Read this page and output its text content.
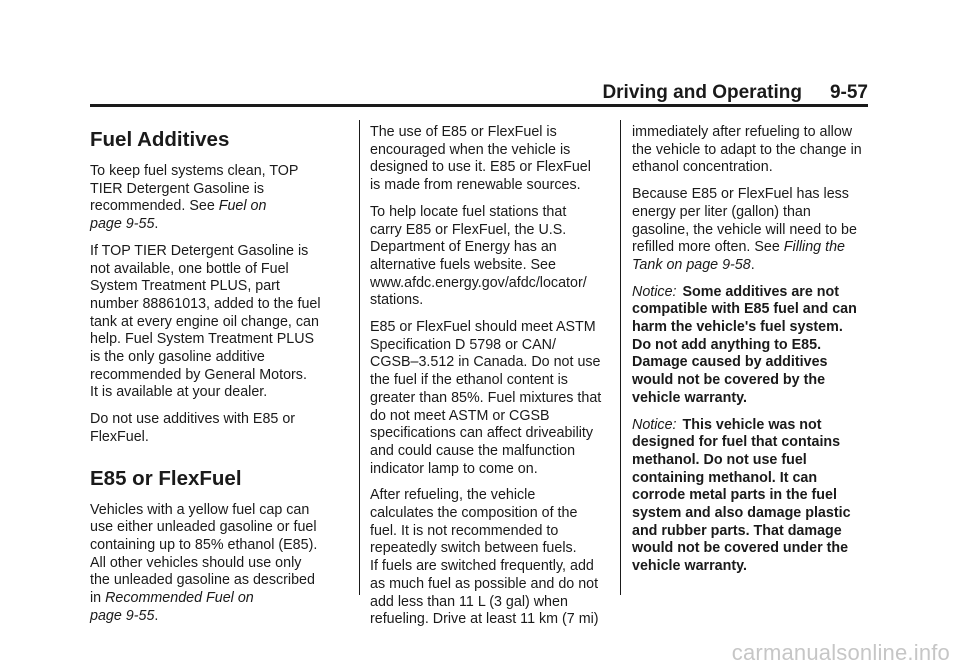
Driving and Operating 9-57
Fuel Additives

To keep fuel systems clean, TOP
TIER Detergent Gasoline is
recommended. See Fuel on
page 9-55.

If TOP TIER Detergent Gasoline is
not available, one bottle of Fuel
System Treatment PLUS, part
number 88861013, added to the fuel
tank at every engine oil change, can
help. Fuel System Treatment PLUS
is the only gasoline additive
recommended by General Motors.
It is available at your dealer.

Do not use additives with E85 or
FlexFuel.

E85 or FlexFuel

Vehicles with a yellow fuel cap can
use either unleaded gasoline or fuel
containing up to 85% ethanol (E85).
All other vehicles should use only
the unleaded gasoline as described
in Recommended Fuel on
page 9-55.

The use of E85 or FlexFuel is
encouraged when the vehicle is
designed to use it. E85 or FlexFuel
is made from renewable sources.

To help locate fuel stations that
carry E85 or FlexFuel, the U.S.
Department of Energy has an
alternative fuels website. See
www.afdc.energy.gov/afdc/locator/
stations.

E85 or FlexFuel should meet ASTM
Specification D 5798 or CAN/
CGSB–3.512 in Canada. Do not use
the fuel if the ethanol content is
greater than 85%. Fuel mixtures that
do not meet ASTM or CGSB
specifications can affect driveability
and could cause the malfunction
indicator lamp to come on.

After refueling, the vehicle
calculates the composition of the
fuel. It is not recommended to
repeatedly switch between fuels.
If fuels are switched frequently, add
as much fuel as possible and do not
add less than 11 L (3 gal) when
refueling. Drive at least 11 km (7 mi)

immediately after refueling to allow
the vehicle to adapt to the change in
ethanol concentration.

Because E85 or FlexFuel has less
energy per liter (gallon) than
gasoline, the vehicle will need to be
refilled more often. See Filling the
Tank on page 9-58.

Notice: Some additives are not
compatible with E85 fuel and can
harm the vehicle's fuel system.
Do not add anything to E85.
Damage caused by additives
would not be covered by the
vehicle warranty.

Notice: This vehicle was not
designed for fuel that contains
methanol. Do not use fuel
containing methanol. It can
corrode metal parts in the fuel
system and also damage plastic
and rubber parts. That damage
would not be covered under the
vehicle warranty.

carmanualsonline.info
